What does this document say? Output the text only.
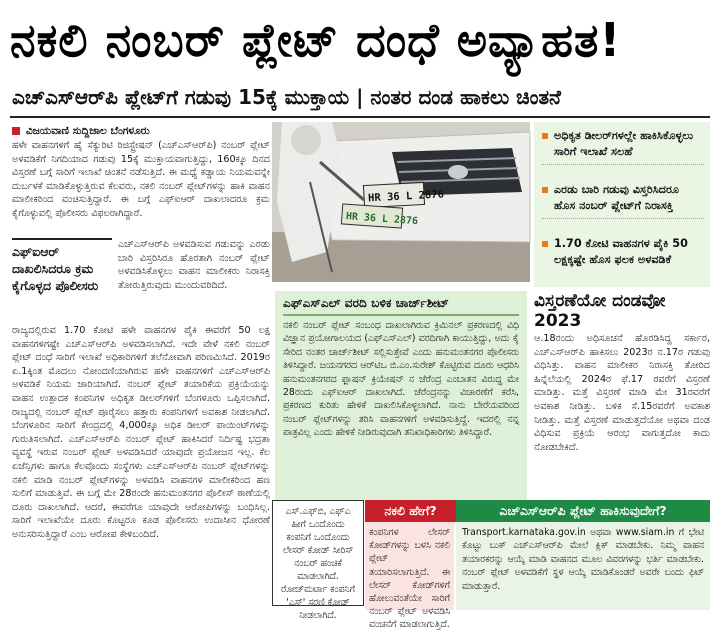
ನಕಲಿ ನಂಬರ್ ಪ್ಲೇಟ್ ದಂಧೆ ಅವ್ಯಾಹತ!
ಎಚ್ಎಸ್ಆರ್‌ಪಿ ಪ್ಲೇಟ್‌ಗೆ ಗಡುವು 15ಕ್ಕೆ ಮುಕ್ತಾಯ | ನಂತರ ದಂಡ ಹಾಕಲು ಚಿಂತನೆ
ವಿಜಯವಾಣಿ ಸುದ್ದಿಜಾಲ ಬೆಂಗಳೂರು
ಹಳೇ ವಾಹನಗಳಿಗೆ ಹೈ ಸೆಕ್ಯುರಿಟಿ ರಿಜಿಸ್ಟ್ರೇಷನ್ (ಎಚ್ಎಸ್ಆರ್‌ಪಿ) ನಂಬರ್ ಪ್ಲೇಟ್ ಅಳವಡಿಕೆಗೆ ನಿಗದಿಯಾದ ಗಡುವು 15ಕ್ಕೆ ಮುಕ್ತಾಯವಾಗುತ್ತಿದ್ದು, 160ಕ್ಕೂ ದಿನದ ವಿಸ್ತರಣೆ ಬಗ್ಗೆ ಸಾರಿಗೆ ಇಲಾಖೆ ಚಿಂತನೆ ನಡೆಸುತ್ತಿದೆ. ಈ ಮಧ್ಯೆ ಕಡ್ಡಾಯ ನಿಯಮವನ್ನೇ ದುರ್ಬಳಕೆ ಮಾಡಿಕೊಳ್ಳುತ್ತಿರುವ ಕೆಲವರು, ನಕಲಿ ನಂಬರ್ ಪ್ಲೇಟ್‌ಗಳನ್ನು ಹಾಕಿ ವಾಹನ ಮಾಲೀಕರಿಂದ ವಂಚಿಸುತ್ತಿದ್ದಾರೆ. ಈ ಬಗ್ಗೆ ಎಫ್‌ಐಆರ್ ದಾಖಲಾದರೂ ಕ್ರಮ ಕೈಗೊಳ್ಳುವಲ್ಲಿ ಪೊಲೀಸರು ವಿಫಲರಾಗಿದ್ದಾರೆ.
ಎಫ್ಐಆರ್ ದಾಖಲಿಸಿದರೂ ಕ್ರಮ ಕೈಗೊಳ್ಳದ ಪೊಲೀಸರು
ಎಚ್ಎಸ್ಆರ್‌ಪಿ ಅಳವಡಿಸುವ ಗಡುವನ್ನು ಎರಡು ಬಾರಿ ವಿಸ್ತರಿಸಿರೂ ಹೊರತಾಗಿ ನಂಬರ್ ಪ್ಲೇಟ್ ಅಳವಡಿಸಿಕೊಳ್ಳಲು ವಾಹನ ಮಾಲೀಕರು ನಿರಾಸಕ್ತಿ ತೋರುತ್ತಿರುವುದು ಮುಂದುವರಿದಿದೆ.
ರಾಜ್ಯದಲ್ಲಿರುವ 1.70 ಕೋಟಿ ಹಳೇ ವಾಹನಗಳ ಪೈಕಿ ಈವರೆಗೆ 50 ಲಕ್ಷ ವಾಹನಗಳಿಗಷ್ಟೇ ಎಚ್ಎಸ್ಆರ್‌ಪಿ ಅಳವಡಿಸಲಾಗಿದೆ. ಇದೇ ವೇಳೆ ನಕಲಿ ನಂಬರ್ ಪ್ಲೇಟ್ ದಂಧೆ ಸಾರಿಗೆ ಇಲಾಖೆ ಅಧಿಕಾರಿಗಳಿಗೆ ತಲೆನೋವಾಗಿ ಪರಿಣಮಿಸಿದೆ. 2019ರ ಏ.1ಕ್ಕಿಂತ ಮೊದಲು ನೋಂದಣಿಯಾಗಿರುವ ಹಳೇ ವಾಹನಗಳಿಗೆ ಎಚ್ಎಸ್ಆರ್‌ಪಿ ಅಳವಡಿಕೆ ನಿಯಮ ಜಾರಿಯಾಗಿದೆ. ನಂಬರ್ ಪ್ಲೇಟ್ ತಯಾರಿಕೆಯ ಪ್ರಕ್ರಿಯೆಯನ್ನು ವಾಹನ ಉತ್ಪಾದಕ ಕಂಪನಿಗಳ ಅಧಿಕೃತ ಡೀಲರ್‌ಗಳಿಗೆ ಬೆಂಗಳೂರು ಒಪ್ಪಿಸಲಾಗಿದೆ. ರಾಜ್ಯದಲ್ಲಿ ನಂಬರ್ ಪ್ಲೇಟ್ ಪೂರೈಸಲು ಹತ್ತಾರು ಕಂಪನಿಗಳಿಗೆ ಅವಕಾಶ ನೀಡಲಾಗಿದೆ. ಬೆಂಗಳೂರಿನ ಸಾರಿಗೆ ಕೇಂದ್ರದಲ್ಲಿ 4,000ಕ್ಕೂ ಅಧಿಕ ಡೀಲರ್ ಪಾಯಿಂಟ್‌ಗಳನ್ನು ಗುರುತಿಸಲಾಗಿದೆ. ಎಚ್ಎಸ್ಆರ್‌ಪಿ ನಂಬರ್ ಪ್ಲೇಟ್ ಹಾಕಿಸಿದರೆ ನಿರ್ದಿಷ್ಟ ಭದ್ರತಾ ವ್ಯವಸ್ಥೆ ಇರುವ ನಂಬರ್ ಪ್ಲೇಟ್ ಅಳವಡಿಸಿದರೆ ಯಾವುದೇ ಪ್ರಯೋಜನ ಇಲ್ಲ. ಕೆಲ ಏಜೆನ್ಸಿಗಳು ಹಾಗೂ ಕೆಲವೊಂದು ಸಂಸ್ಥೆಗಳು ಎಚ್ಎಸ್ಆರ್‌ಪಿ ನಂಬರ್ ಪ್ಲೇಟ್‌ಗಳನ್ನು ನಕಲಿ ಮಾಡಿ ನಂಬರ್ ಪ್ಲೇಟ್‌ಗಳನ್ನು ಅಳವಡಿಸಿ ವಾಹನಗಳ ಮಾಲೀಕರಿಂದ ಹಣ ಸುಲಿಗೆ ಮಾಡುತ್ತಿವೆ. ಈ ಬಗ್ಗೆ ಮೇ 28ರಂದೇ ಹನುಮಂತನಗರ ಪೊಲೀಸ್ ಠಾಣೆಯಲ್ಲಿ ದೂರು ದಾಖಲಾಗಿದೆ. ಆದರೆ, ಈವರೆಗೂ ಯಾವುದೇ ಆರೋಪಿಗಳನ್ನು ಬಂಧಿಸಿಲ್ಲ. ಸಾರಿಗೆ ಇಲಾಖೆಯೇ ದೂರು ಕೊಟ್ಟರೂ ಕೂಡ ಪೊಲೀಸರು ಉದಾಸೀನ ಧೋರಣೆ ಅನುಸರಿಸುತ್ತಿದ್ದಾರೆ ಎಂಬ ಆರೋಪ ಕೇಳಿಬಂದಿದೆ.
HR 36 L 2876
HR 36 L 2876
ಅಧಿಕೃತ ಡೀಲರ್‌ಗಳಲ್ಲೇ ಹಾಕಿಸಿಕೊಳ್ಳಲು ಸಾರಿಗೆ ಇಲಾಖೆ ಸಲಹೆ
ಎರಡು ಬಾರಿ ಗಡುವು ವಿಸ್ತರಿಸಿದರೂ ಹೊಸ ನಂಬರ್ ಪ್ಲೇಟ್‌ಗೆ ನಿರಾಸಕ್ತಿ
1.70 ಕೋಟಿ ವಾಹನಗಳ ಪೈಕಿ 50 ಲಕ್ಷಕ್ಕಷ್ಟೇ ಹೊಸ ಫಲಕ ಅಳವಡಿಕೆ
ಎಫ್ಎಸ್ಎಲ್ ವರದಿ ಬಳಿಕ ಚಾರ್ಜ್‌ಶೀಟ್
ನಕಲಿ ನಂಬರ್ ಪ್ಲೇಟ್ ಸಂಬಂಧ ದಾಖಲಾಗಿರುವ ಕ್ರಿಮಿನಲ್ ಪ್ರಕರಣದಲ್ಲಿ ವಿಧಿ ವಿಜ್ಞಾನ ಪ್ರಯೋಗಾಲಯದ (ಎಫ್ಎಸ್ಎಲ್) ವರದಿಗಾಗಿ ಕಾಯುತ್ತಿದ್ದು, ಅದು ಕೈ ಸೇರಿದ ನಂತರ ಚಾರ್ಜ್‌ಶೀಟ್ ಸಲ್ಲಿಸುತ್ತೇವೆ ಎಂದು ಹನುಮಂತನಗರ ಪೊಲೀಸರು ತಿಳಿಸಿದ್ದಾರೆ. ಜಯನಗರದ ಆರ್‌ಟಿಒ ಬಿ.ಎಂ.ಸುರೇಶ್ ಕೊಟ್ಟಿರುವ ದೂರು ಆಧರಿಸಿ ಹನುಮಂತನಗರದ ಫ್ಲಾಷನ್ ಕ್ರಿಯೇಷನ್ ನ ಜೆರೆಂದ್ರ ಎಂಬಾತನ ವಿರುದ್ಧ ಮೇ 28ರಂದು ಎಫ್ಐಆರ್ ದಾಖಲಾಗಿದೆ. ಜೆರೆಂದ್ರನನ್ನು ವಿಚಾರಣೆಗೆ ಕರೆಸಿ, ಪ್ರಕರಣದ ಕುರಿತು ಹೇಳಿಕೆ ದಾಖಲಿಸಿಕೊಳ್ಳಲಾಗಿದೆ. ನಾನು ಬೇರೆಯವರಿಂದ ನಂಬರ್ ಪ್ಲೇಟ್‌ಗಳನ್ನು ತರಿಸಿ ವಾಹನಗಳಿಗೆ ಅಳವಡಿಸುತ್ತಿದ್ದೆ. ಇದರಲ್ಲಿ ನನ್ನ ಪಾತ್ರವಿಲ್ಲ ಎಂದು ಹೇಳಿಕೆ ನೀಡಿರುವುದಾಗಿ ತನಿಖಾಧಿಕಾರಿಗಳು ತಿಳಿಸಿದ್ದಾರೆ.
ವಿಸ್ತರಣೆಯೋ ದಂಡವೋ 2023
ಆ.18ರಂದು ಅಧಿಸೂಚನೆ ಹೊರಡಿಸಿದ್ದ ಸರ್ಕಾರ, ಎಚ್ಎಸ್ಆರ್‌ಪಿ ಹಾಕಿಸಲು 2023ರ ನ.17ರ ಗಡುವು ವಿಧಿಸಿತ್ತು. ವಾಹನ ಮಾಲೀಕರ ನಿರಾಸಕ್ತಿ ತೋರಿದ ಹಿನ್ನೆಲೆಯಲ್ಲಿ 2024ರ ಫೆ.17 ರವರೆಗೆ ವಿಸ್ತರಣೆ ಮಾಡಿತ್ತು. ಮತ್ತೆ ವಿಸ್ತರಣೆ ಮಾಡಿ ಮೇ 31ರವರೆಗೆ ಅವಕಾಶ ನೀಡಿತ್ತು. ಬಳಿಕ ಸೆ.15ರವರೆಗೆ ಅವಕಾಶ ನೀಡಿತ್ತು. ಮತ್ತೆ ವಿಸ್ತರಣೆ ಮಾಡುತ್ತದೆಯೋ ಅಥವಾ ದಂಡ ವಿಧಿಸುವ ಪ್ರಕ್ರಿಯೆ ಆರಂಭ ವಾಗುತ್ತದೋ ಕಾದು ನೋಡಬೇಕಿದೆ.
ಎಸ್.ಎಫ್‌ಬಿ, ಎಫ್‌ಎ ಹೀಗೆ ಒಂದೊಂದು ಕಂಪನಿಗೆ ಒಂದೊಂದು ಲೇಸರ್ ಕೋಡ್ ಸೀರಿಸ್ ನಂಬರ್ ಹಂಚಿಕೆ ಮಾಡಲಾಗಿದೆ. ರೋಜ್‌ಮರ್ಟಾ ಕಂಪನಿಗೆ 'ಎಸ್' ಸರಣಿ ಕೋಡ್ ನೀಡಲಾಗಿದೆ.
ನಕಲಿ ಹೇಗೆ?	ಎಚ್ಎಸ್ಆರ್‌ಪಿ ಪ್ಲೇಟ್ ಹಾಕಿಸುವುದೇಗೆ?
ಕಂಪನಿಗಳ ಲೇಸರ್ ಕೋಡ್‌ಗಳನ್ನು ಬಳಸಿ ನಕಲಿ ಪ್ಲೇಟ್ ತಯಾರಿಸಲಾಗುತ್ತಿದೆ. ಈ ಲೇಸರ್ ಕೋಡ್‌ಗಳಿಗೆ ಹೋಲುವಂತೆಯೇ ಸಾರಿಗೆ ನಂಬರ್ ಪ್ಲೇಟ್ ಅಳವಡಿಸಿ ವಂಚನೆಗೆ ಮಾಡಲಾಗುತ್ತಿದೆ.
Transport.karnataka.gov.in ಅಥವಾ www.siam.in ಗೆ ಭೇಟಿ ಕೊಟ್ಟು ಬುಕ್ ಎಚ್ಎಸ್ಆರ್‌ಪಿ ಮೇಲೆ ಕ್ಲಿಕ್ ಮಾಡಬೇಕು. ನಿಮ್ಮ ವಾಹನ ತಯಾರಕರನ್ನು ಆಯ್ಕೆ ಮಾಡಿ ವಾಹನದ ಮೂಲ ವಿವರಗಳನ್ನು ಭರ್ತಿ ಮಾಡಬೇಕು. ನಂಬರ್ ಪ್ಲೇಟ್ ಅಳವಡಿಕೆಗೆ ಸ್ಥಳ ಆಯ್ಕೆ ಮಾಡಿಕೊಂಡರೆ ಅವರೇ ಬಂದು ಫಿಟ್ ಮಾಡುತ್ತಾರೆ.
